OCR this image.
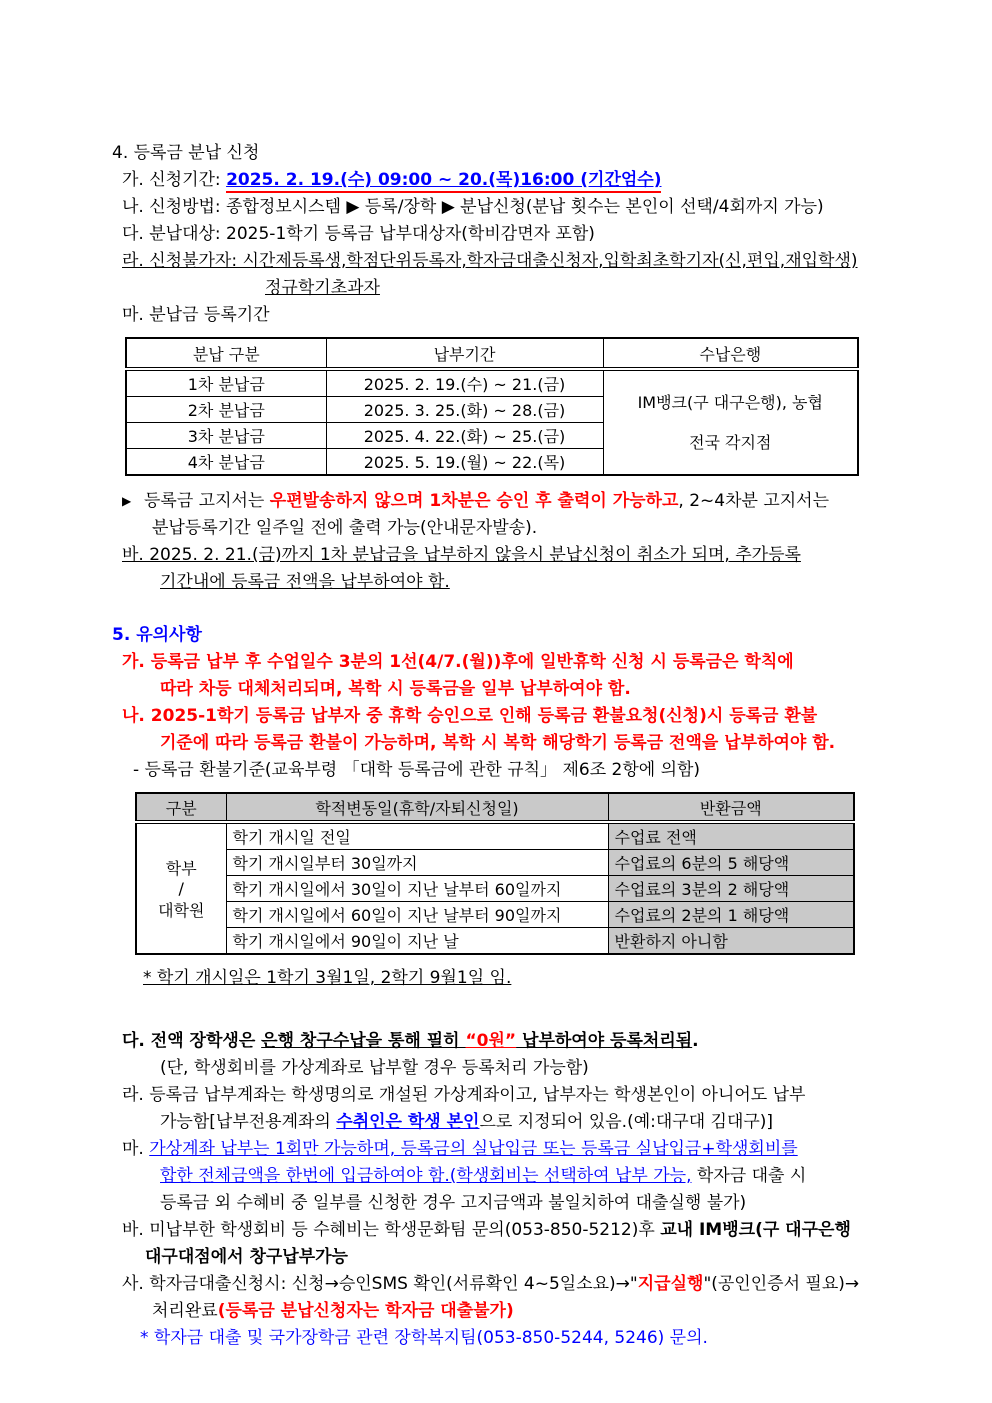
4. 등록금 분납 신청
가. 신청기간: 2025. 2. 19.(수) 09:00 ~ 20.(목)16:00 (기간엄수)
나. 신청방법: 종합정보시스템 ▶ 등록/장학 ▶ 분납신청(분납 횟수는 본인이 선택/4회까지 가능)
다. 분납대상: 2025-1학기 등록금 납부대상자(학비감면자 포함)
라. 신청불가자: 시간제등록생,학점단위등록자,학자금대출신청자,입학최초학기자(신,편입,재입학생)
정규학기초과자
마. 분납금 등록기간
분납 구분	납부기간	수납은행
1차 분납금	2025. 2. 19.(수) ~ 21.(금)	IM뱅크(구 대구은행), 농협
전국 각지점

2차 분납금	2025. 3. 25.(화) ~ 28.(금)	
3차 분납금	2025. 4. 22.(화) ~ 25.(금)	
4차 분납금	2025. 5. 19.(월) ~ 22.(목)	
▶ 등록금 고지서는 우편발송하지 않으며 1차분은 승인 후 출력이 가능하고, 2~4차분 고지서는
분납등록기간 일주일 전에 출력 가능(안내문자발송).
바. 2025. 2. 21.(금)까지 1차 분납금을 납부하지 않을시 분납신청이 취소가 되며, 추가등록
기간내에 등록금 전액을 납부하여야 함.
5. 유의사항
가. 등록금 납부 후 수업일수 3분의 1선(4/7.(월))후에 일반휴학 신청 시 등록금은 학칙에
따라 차등 대체처리되며, 복학 시 등록금을 일부 납부하여야 함.
나. 2025-1학기 등록금 납부자 중 휴학 승인으로 인해 등록금 환불요청(신청)시 등록금 환불
기준에 따라 등록금 환불이 가능하며, 복학 시 복학 해당학기 등록금 전액을 납부하여야 함.
- 등록금 환불기준(교육부령 「대학 등록금에 관한 규칙」 제6조 2항에 의함)
구분	학적변동일(휴학/자퇴신청일)	반환금액

학부
/
대학원	학기 개시일 전일	수업료 전액
	학기 개시일부터 30일까지	수업료의 6분의 5 해당액
	학기 개시일에서 30일이 지난 날부터 60일까지	수업료의 3분의 2 해당액
	학기 개시일에서 60일이 지난 날부터 90일까지	수업료의 2분의 1 해당액
	학기 개시일에서 90일이 지난 날	반환하지 아니함
* 학기 개시일은 1학기 3월1일, 2학기 9월1일 임.
다. 전액 장학생은 은행 창구수납을 통해 필히 “0원” 납부하여야 등록처리됨.
(단, 학생회비를 가상계좌로 납부할 경우 등록처리 가능함)
라. 등록금 납부계좌는 학생명의로 개설된 가상계좌이고, 납부자는 학생본인이 아니어도 납부
가능함[납부전용계좌의 수취인은 학생 본인으로 지정되어 있음.(예:대구대 김대구)]
마. 가상계좌 납부는 1회만 가능하며, 등록금의 실납입금 또는 등록금 실납입금+학생회비를
합한 전체금액을 한번에 입금하여야 함.(학생회비는 선택하여 납부 가능, 학자금 대출 시
등록금 외 수혜비 중 일부를 신청한 경우 고지금액과 불일치하여 대출실행 불가)
바. 미납부한 학생회비 등 수혜비는 학생문화팀 문의(053-850-5212)후 교내 IM뱅크(구 대구은행
대구대점에서 창구납부가능
사. 학자금대출신청시: 신청→승인SMS 확인(서류확인 4~5일소요)→"지급실행"(공인인증서 필요)→
처리완료(등록금 분납신청자는 학자금 대출불가)
* 학자금 대출 및 국가장학금 관련 장학복지팀(053-850-5244, 5246) 문의.
